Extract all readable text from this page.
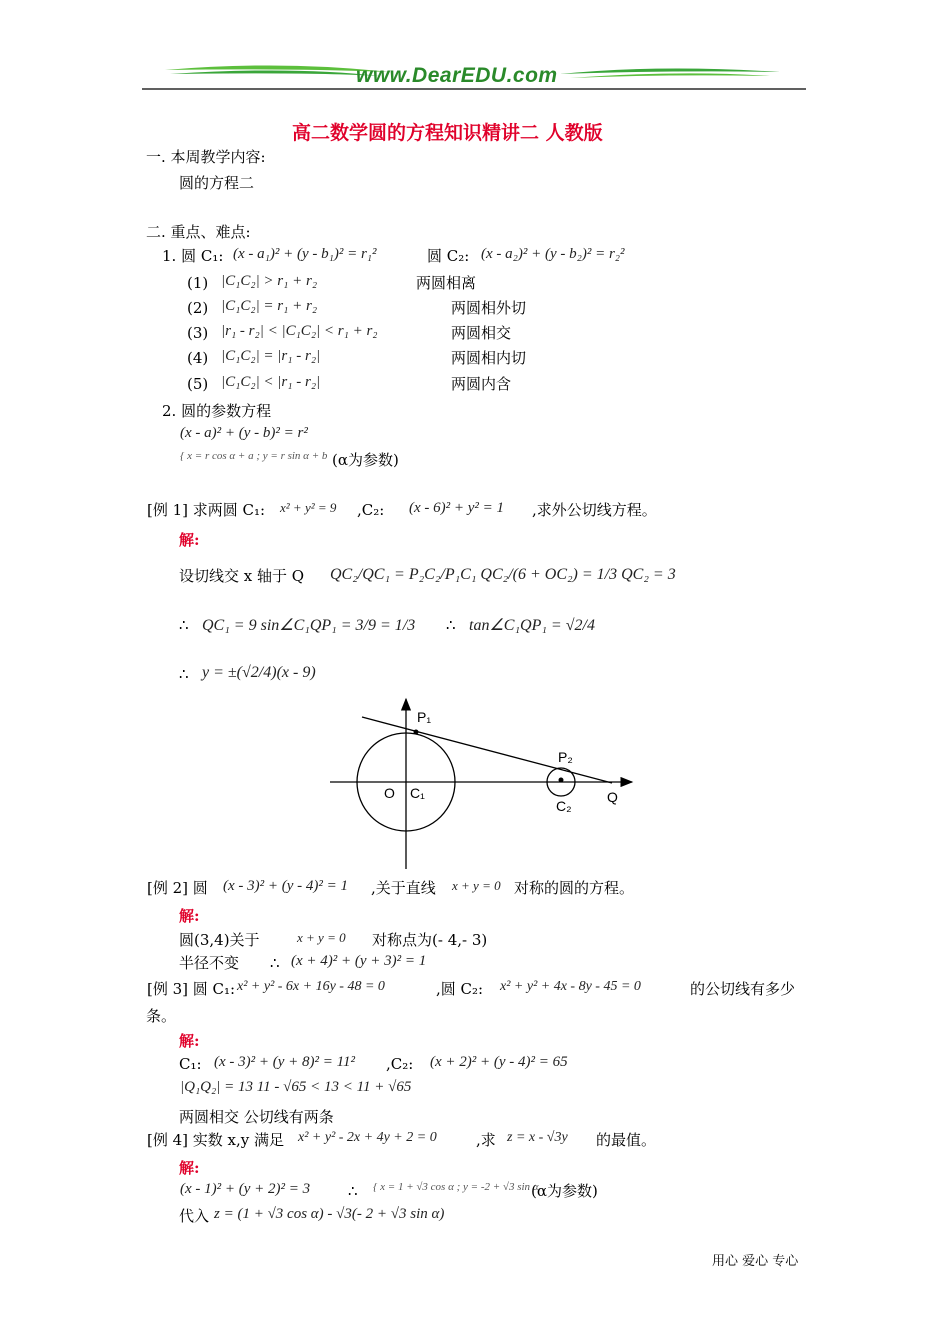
www.DearEDU.com
高二数学圆的方程知识精讲二 人教版
一. 本周教学内容:
圆的方程二
二. 重点、难点:
1. 圆 C₁: (x - a₁)² + (y - b₁)² = r₁²	圆 C₂: (x - a₂)² + (y - b₂)² = r₂²
(1) |C₁C₂| > r₁ + r₂	两圆相离
(2) |C₁C₂| = r₁ + r₂	两圆相外切
(3) |r₁ - r₂| < |C₁C₂| < r₁ + r₂	两圆相交
(4) |C₁C₂| = |r₁ - r₂|	两圆相内切
(5) |C₁C₂| < |r₁ - r₂|	两圆内含
2. 圆的参数方程
(x - a)² + (y - b)² = r²
{ x = r cos α + a ; y = r sin α + b (α为参数)
[例 1] 求两圆 C₁: x² + y² = 9 ,C₂: (x - 6)² + y² = 1 ,求外公切线方程。
解:
设切线交 x 轴于 Q QC₂/QC₁ = P₂C₂/P₁C₁ QC₂/(6 + OC₂) = 1/3 QC₂ = 3
∴ QC₁ = 9 sin∠C₁QP₁ = 3/9 = 1/3 ∴ tan∠C₁QP₁ = √2/4
∴ y = ±(√2/4)(x - 9)
P₁
P₂
O C₁
C₂
Q
[例 2] 圆 (x - 3)² + (y - 4)² = 1 ,关于直线 x + y = 0 对称的圆的方程。
解:
圆(3,4)关于	x + y = 0 对称点为(- 4,- 3)
半径不变 ∴ (x + 4)² + (y + 3)² = 1
[例 3] 圆 C₁: x² + y² - 6x + 16y - 48 = 0	,圆 C₂: x² + y² + 4x - 8y - 45 = 0	的公切线有多少
条。
解:
C₁: (x - 3)² + (y + 8)² = 11² ,C₂: (x + 2)² + (y - 4)² = 65
|Q₁Q₂| = 13 11 - √65 < 13 < 11 + √65
两圆相交 公切线有两条
[例 4] 实数 x,y 满足 x² + y² - 2x + 4y + 2 = 0	,求 z = x - √3y 的最值。
解:
(x - 1)² + (y + 2)² = 3	∴ { x = 1 + √3 cos α ; y = -2 + √3 sin α
(α为参数)
代入 z = (1 + √3 cos α) - √3(- 2 + √3 sin α)
用心 爱心 专心
